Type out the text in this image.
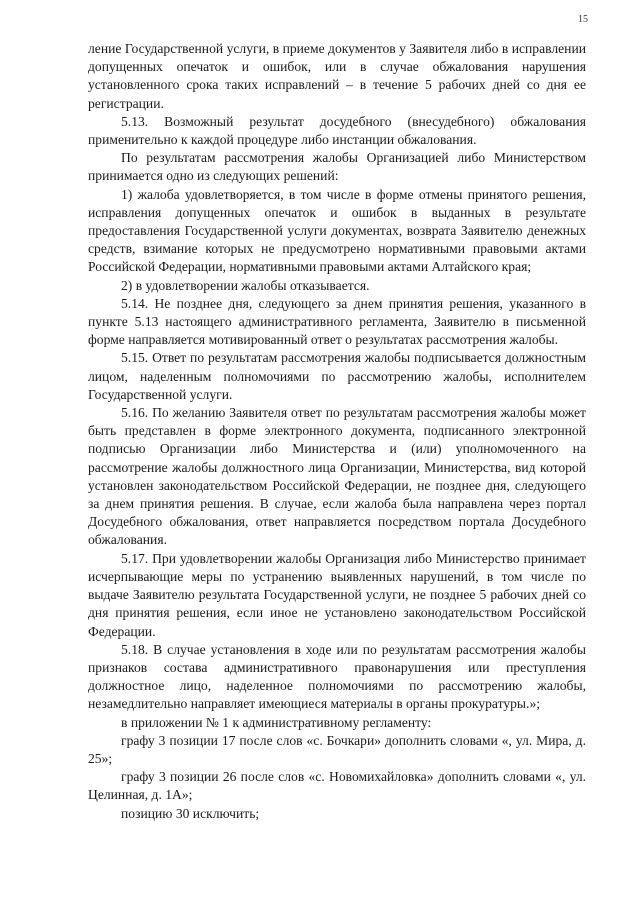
15

ление Государственной услуги, в приеме документов у Заявителя либо в исправлении допущенных опечаток и ошибок, или в случае обжалования нарушения установленного срока таких исправлений – в течение 5 рабочих дней со дня ее регистрации.

5.13. Возможный результат досудебного (внесудебного) обжалования применительно к каждой процедуре либо инстанции обжалования.

По результатам рассмотрения жалобы Организацией либо Министерством принимается одно из следующих решений:

1) жалоба удовлетворяется, в том числе в форме отмены принятого решения, исправления допущенных опечаток и ошибок в выданных в результате предоставления Государственной услуги документах, возврата Заявителю денежных средств, взимание которых не предусмотрено нормативными правовыми актами Российской Федерации, нормативными правовыми актами Алтайского края;

2) в удовлетворении жалобы отказывается.

5.14. Не позднее дня, следующего за днем принятия решения, указанного в пункте 5.13 настоящего административного регламента, Заявителю в письменной форме направляется мотивированный ответ о результатах рассмотрения жалобы.

5.15. Ответ по результатам рассмотрения жалобы подписывается должностным лицом, наделенным полномочиями по рассмотрению жалобы, исполнителем Государственной услуги.

5.16. По желанию Заявителя ответ по результатам рассмотрения жалобы может быть представлен в форме электронного документа, подписанного электронной подписью Организации либо Министерства и (или) уполномоченного на рассмотрение жалобы должностного лица Организации, Министерства, вид которой установлен законодательством Российской Федерации, не позднее дня, следующего за днем принятия решения. В случае, если жалоба была направлена через портал Досудебного обжалования, ответ направляется посредством портала Досудебного обжалования.

5.17. При удовлетворении жалобы Организация либо Министерство принимает исчерпывающие меры по устранению выявленных нарушений, в том числе по выдаче Заявителю результата Государственной услуги, не позднее 5 рабочих дней со дня принятия решения, если иное не установлено законодательством Российской Федерации.

5.18. В случае установления в ходе или по результатам рассмотрения жалобы признаков состава административного правонарушения или преступления должностное лицо, наделенное полномочиями по рассмотрению жалобы, незамедлительно направляет имеющиеся материалы в органы прокуратуры.»;

в приложении № 1 к административному регламенту:

графу 3 позиции 17 после слов «с. Бочкари» дополнить словами «, ул. Мира, д. 25»;

графу 3 позиции 26 после слов «с. Новомихайловка» дополнить словами «, ул. Целинная, д. 1А»;

позицию 30 исключить;
